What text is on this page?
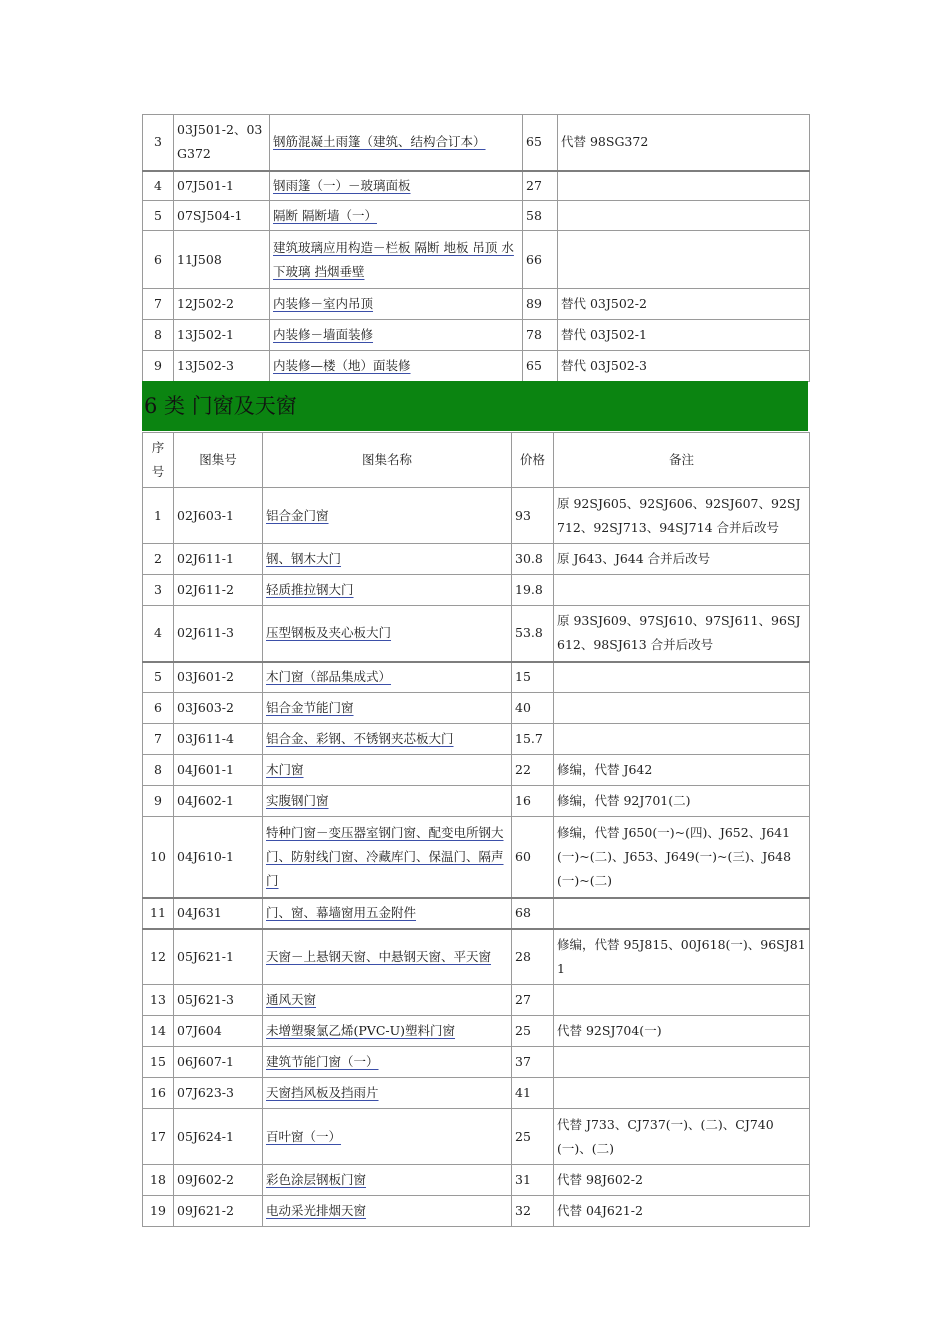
3	03J501-2、03G372	钢筋混凝土雨篷（建筑、结构合订本）	65	代替 98SG372
4	07J501-1	钢雨篷（一）－玻璃面板	27	
5	07SJ504-1	隔断 隔断墙（一）	58	
6	11J508	建筑玻璃应用构造－栏板 隔断 地板 吊顶 水下玻璃 挡烟垂壁	66	
7	12J502-2	内装修－室内吊顶	89	替代 03J502-2
8	13J502-1	内装修－墙面装修	78	替代 03J502-1
9	13J502-3	内装修—楼（地）面装修	65	替代 03J502-3
6 类 门窗及天窗
序号	图集号	图集名称	价格	备注
1	02J603-1	铝合金门窗	93	原 92SJ605、92SJ606、92SJ607、92SJ712、92SJ713、94SJ714 合并后改号
2	02J611-1	钢、钢木大门	30.8	原 J643、J644 合并后改号
3	02J611-2	轻质推拉钢大门	19.8	
4	02J611-3	压型钢板及夹心板大门	53.8	原 93SJ609、97SJ610、97SJ611、96SJ612、98SJ613 合并后改号
5	03J601-2	木门窗（部品集成式）	15	
6	03J603-2	铝合金节能门窗	40	
7	03J611-4	铝合金、彩钢、不锈钢夹芯板大门	15.7	
8	04J601-1	木门窗	22	修编，代替 J642
9	04J602-1	实腹钢门窗	16	修编，代替 92J701(二)
10	04J610-1	特种门窗－变压器室钢门窗、配变电所钢大门、防射线门窗、冷藏库门、保温门、隔声门	60	修编，代替 J650(一)~(四)、J652、J641(一)~(二)、J653、J649(一)~(三)、J648(一)~(二)
11	04J631	门、窗、幕墙窗用五金附件	68	
12	05J621-1	天窗－上悬钢天窗、中悬钢天窗、平天窗	28	修编，代替 95J815、00J618(一)、96SJ811
13	05J621-3	通风天窗	27	
14	07J604	未增塑聚氯乙烯(PVC-U)塑料门窗	25	代替 92SJ704(一)
15	06J607-1	建筑节能门窗（一）	37	
16	07J623-3	天窗挡风板及挡雨片	41	
17	05J624-1	百叶窗（一）	25	代替 J733、CJ737(一)、(二)、CJ740(一)、(二)
18	09J602-2	彩色涂层钢板门窗	31	代替 98J602-2
19	09J621-2	电动采光排烟天窗	32	代替 04J621-2
